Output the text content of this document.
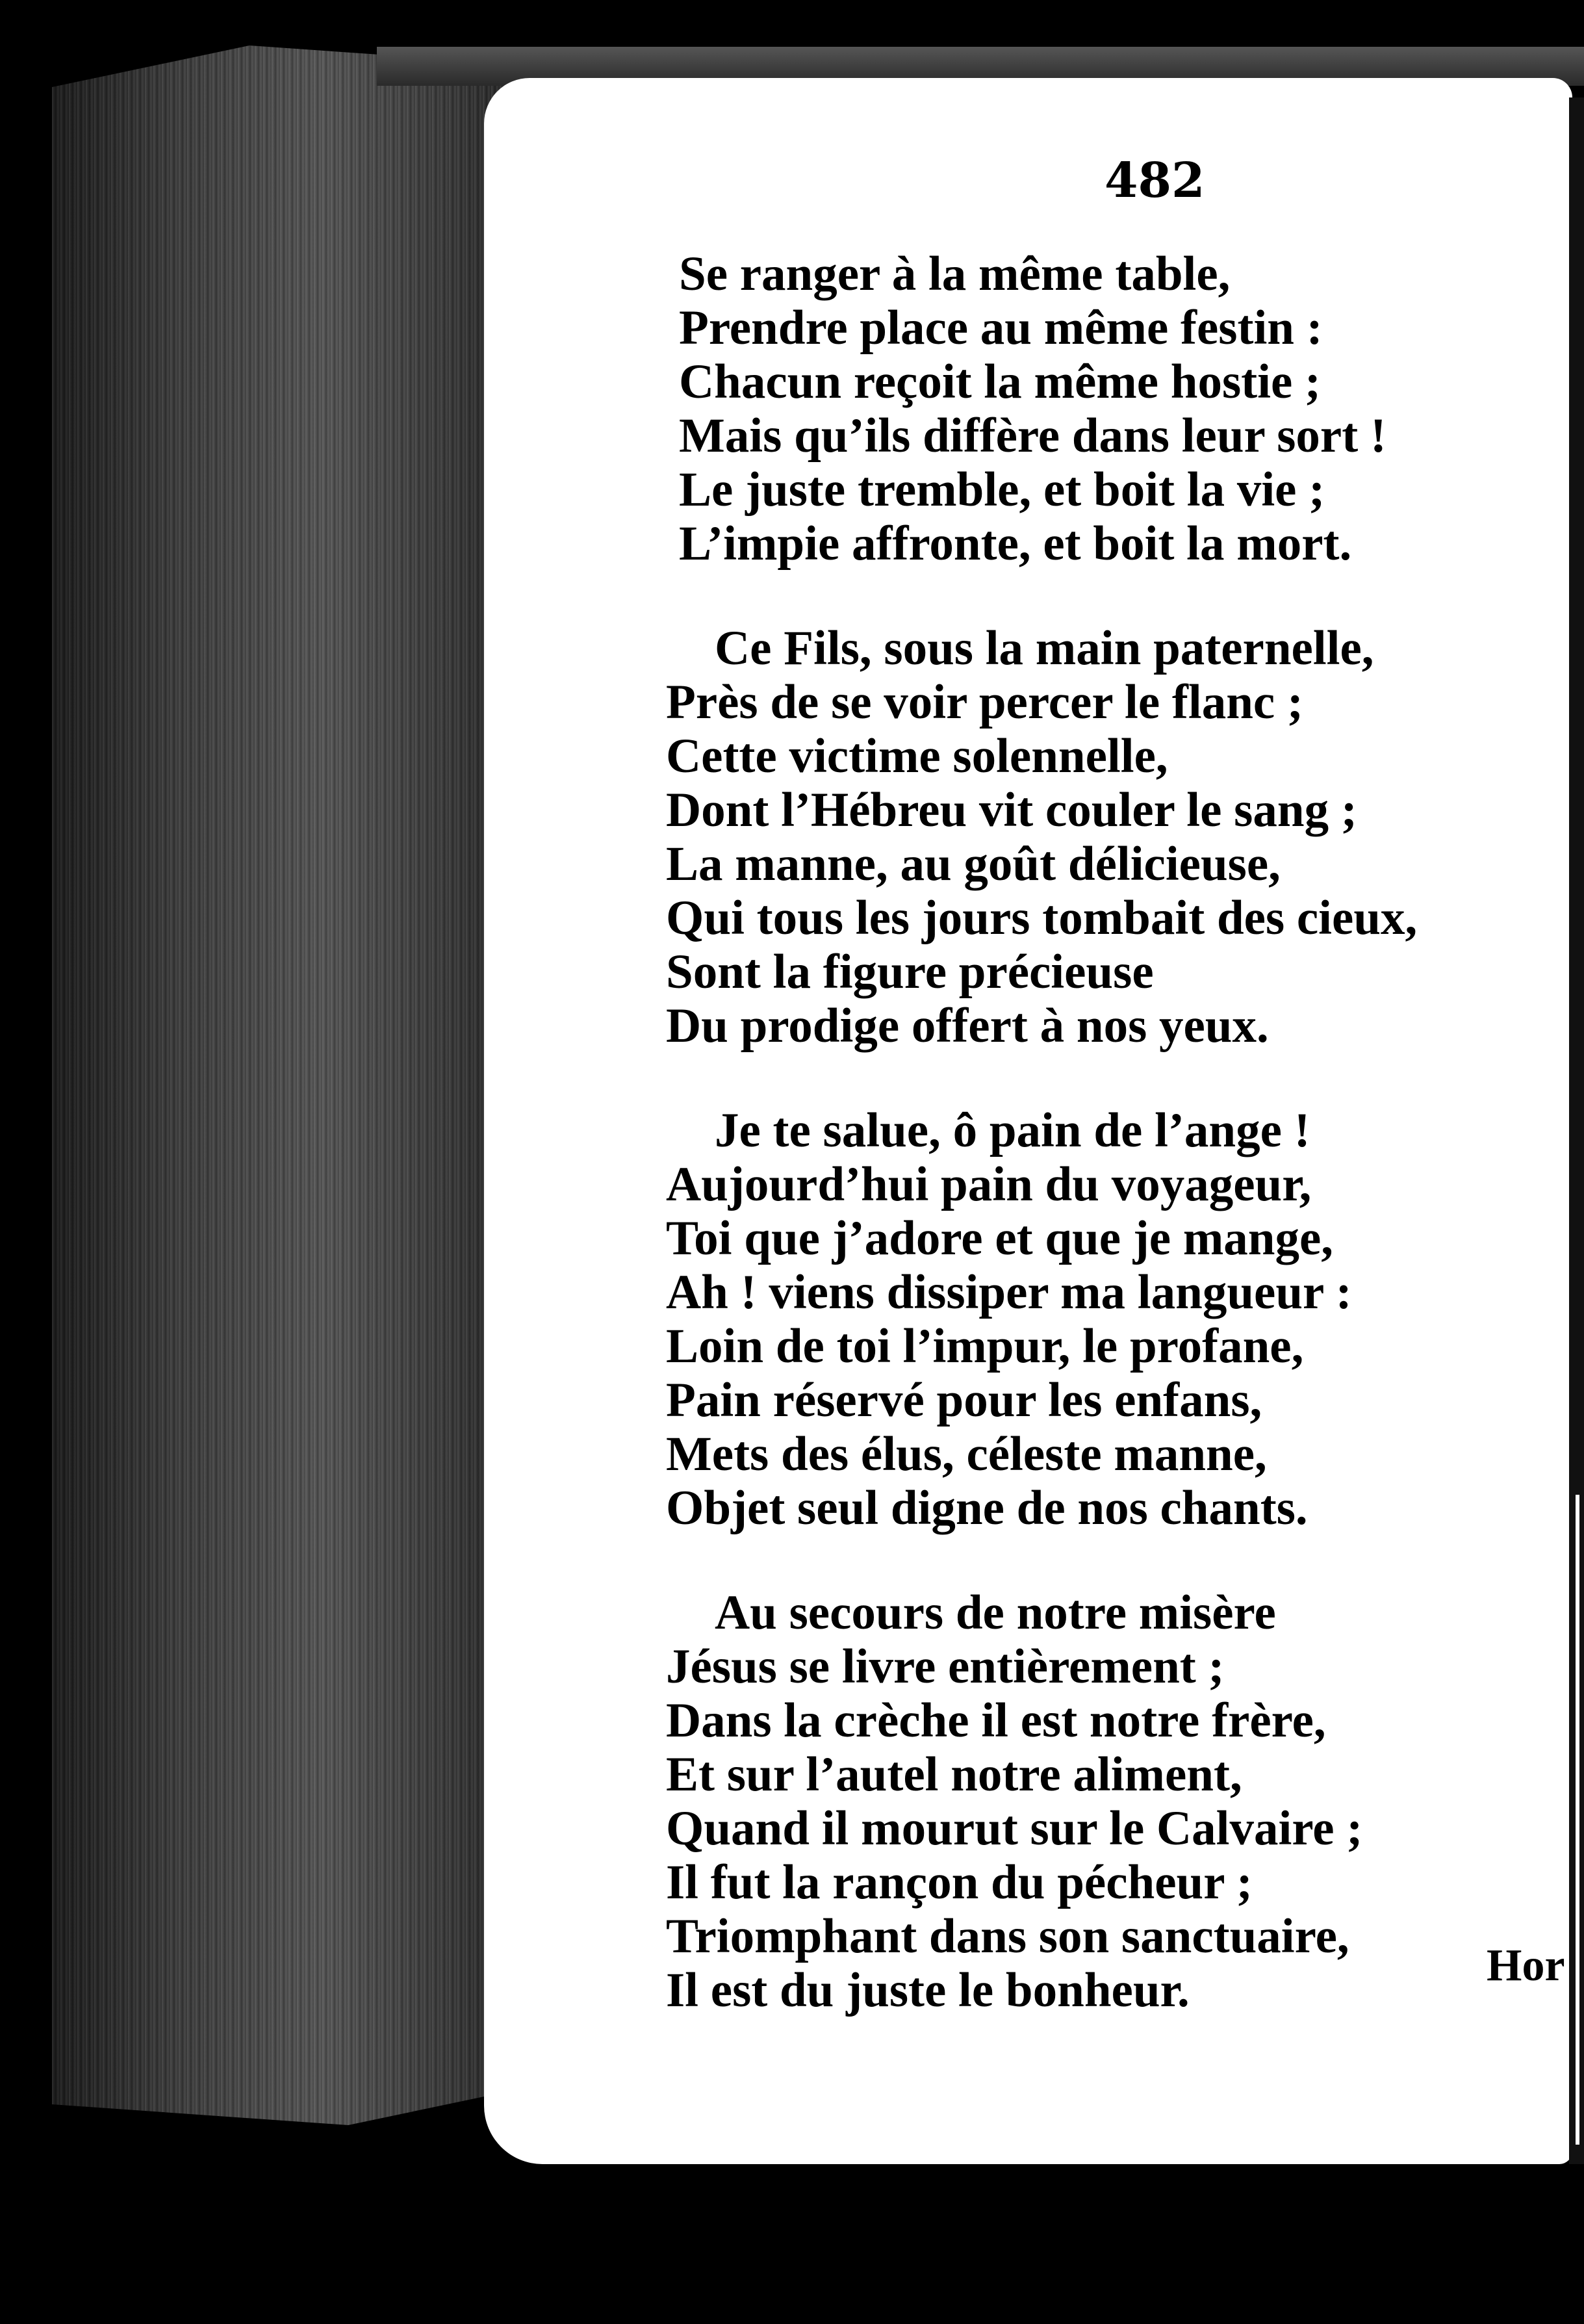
482
Se ranger à la même table,
Prendre place au même festin :
Chacun reçoit la même hostie ;
Mais qu’ils diffère dans leur sort !
Le juste tremble, et boit la vie ;
L’impie affronte, et boit la mort.
Ce Fils, sous la main paternelle,
Près de se voir percer le flanc ;
Cette victime solennelle,
Dont l’Hébreu vit couler le sang ;
La manne, au goût délicieuse,
Qui tous les jours tombait des cieux,
Sont la figure précieuse
Du prodige offert à nos yeux.
Je te salue, ô pain de l’ange !
Aujourd’hui pain du voyageur,
Toi que j’adore et que je mange,
Ah ! viens dissiper ma langueur :
Loin de toi l’impur, le profane,
Pain réservé pour les enfans,
Mets des élus, céleste manne,
Objet seul digne de nos chants.
Au secours de notre misère
Jésus se livre entièrement ;
Dans la crèche il est notre frère,
Et sur l’autel notre aliment,
Quand il mourut sur le Calvaire ;
Il fut la rançon du pécheur ;
Triomphant dans son sanctuaire,
Il est du juste le bonheur.	Hor
